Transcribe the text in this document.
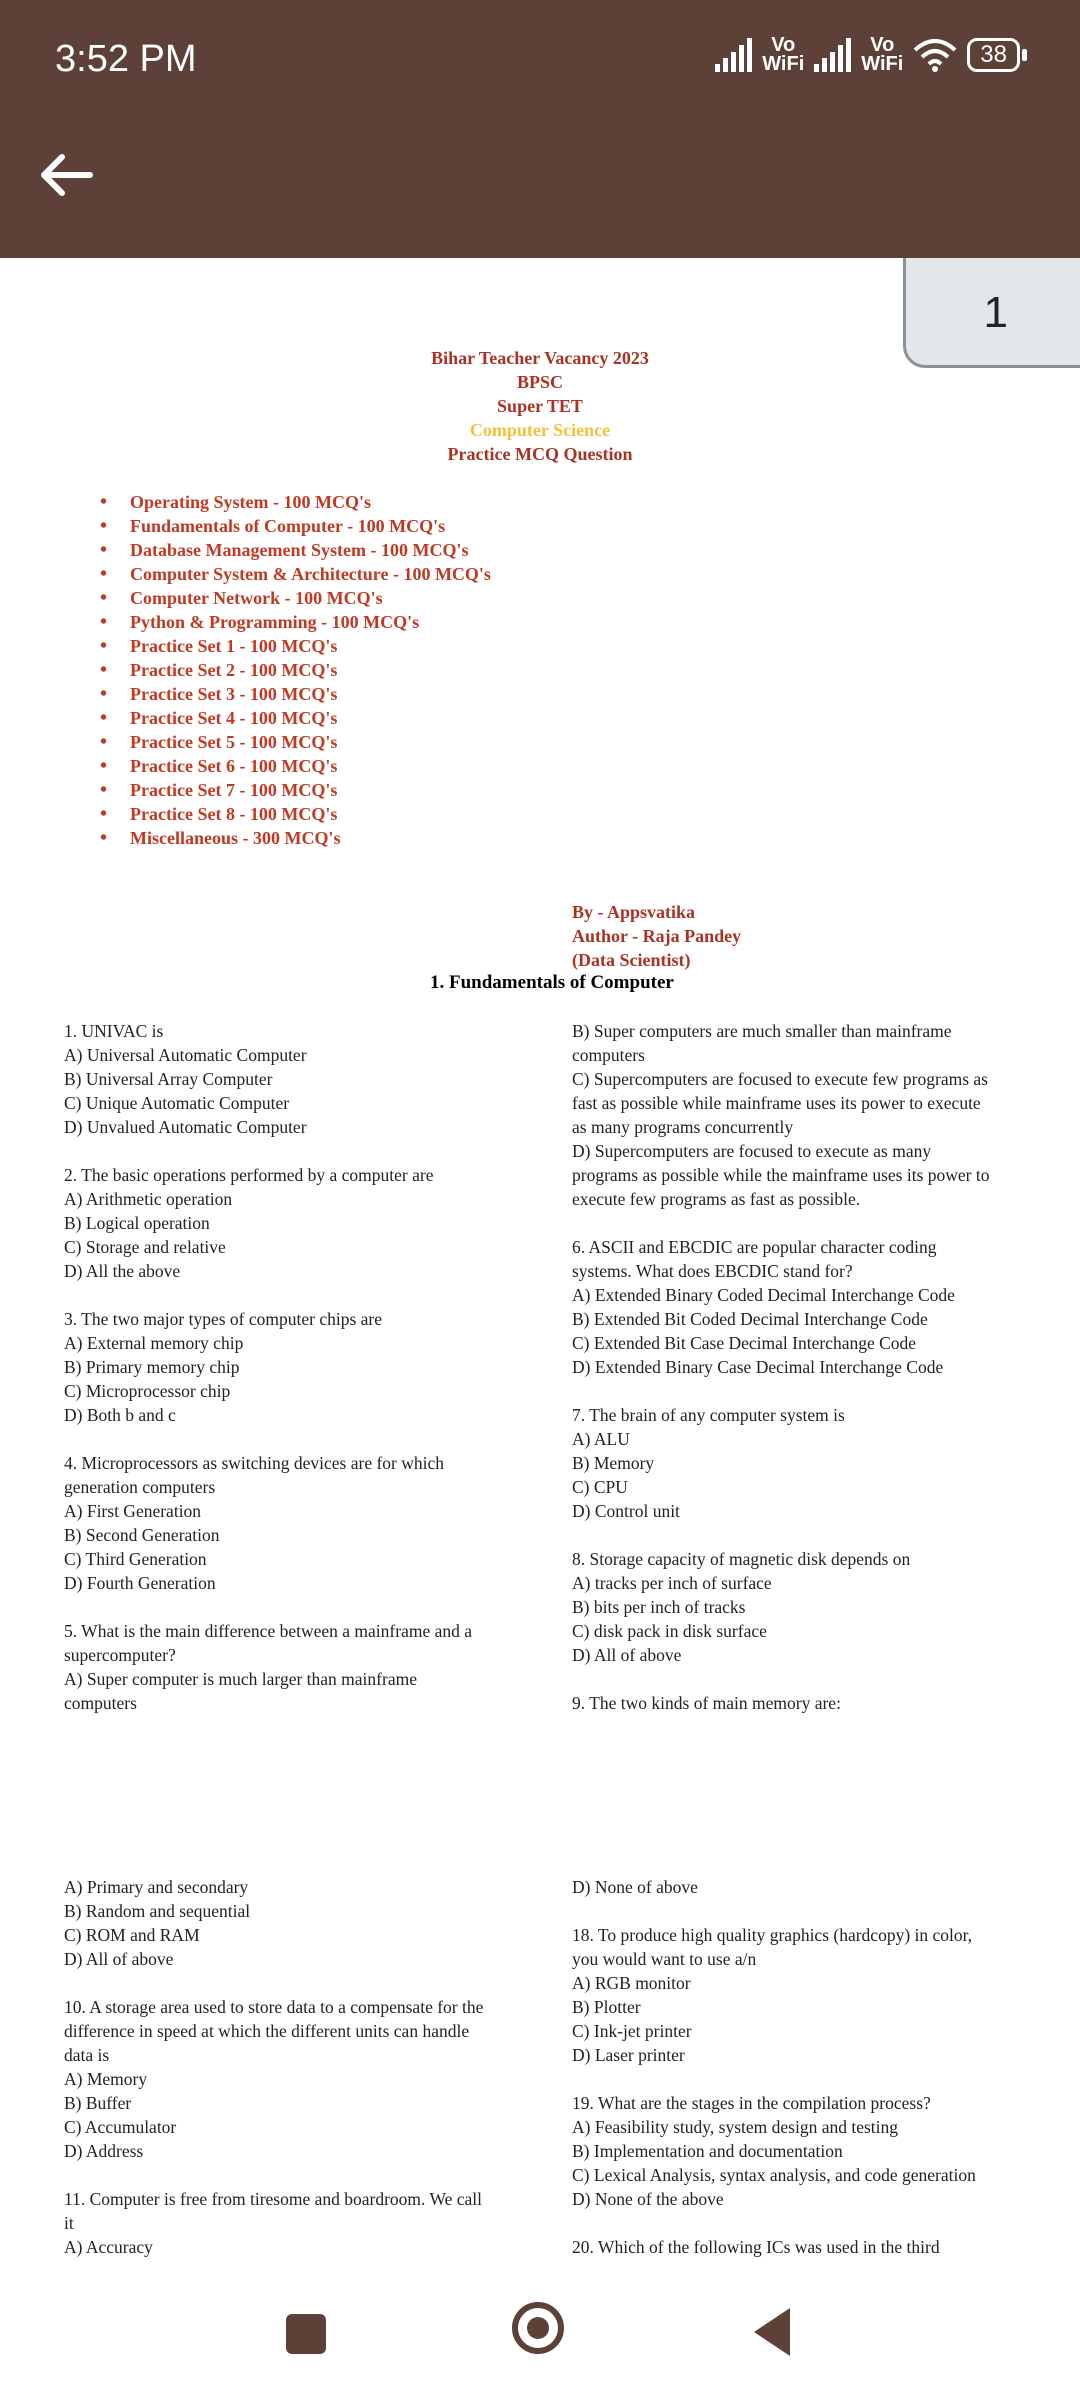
3:52 PM	Vo
WiFi
Vo
WiFi	38
1
Bihar Teacher Vacancy 2023
BPSC
Super TET
Computer Science
Practice MCQ Question
• Operating System - 100 MCQ's
• Fundamentals of Computer - 100 MCQ's
• Database Management System - 100 MCQ's
• Computer System & Architecture - 100 MCQ's
• Computer Network - 100 MCQ's
• Python & Programming - 100 MCQ's
• Practice Set 1 - 100 MCQ's
• Practice Set 2 - 100 MCQ's
• Practice Set 3 - 100 MCQ's
• Practice Set 4 - 100 MCQ's
• Practice Set 5 - 100 MCQ's
• Practice Set 6 - 100 MCQ's
• Practice Set 7 - 100 MCQ's
• Practice Set 8 - 100 MCQ's
• Miscellaneous - 300 MCQ's
By - Appsvatika
Author - Raja Pandey
(Data Scientist)
1. Fundamentals of Computer

1. UNIVAC is
A) Universal Automatic Computer
B) Universal Array Computer
C) Unique Automatic Computer
D) Unvalued Automatic Computer

2. The basic operations performed by a computer are
A) Arithmetic operation
B) Logical operation
C) Storage and relative
D) All the above

3. The two major types of computer chips are
A) External memory chip
B) Primary memory chip
C) Microprocessor chip
D) Both b and c

4. Microprocessors as switching devices are for which
generation computers
A) First Generation
B) Second Generation
C) Third Generation
D) Fourth Generation

5. What is the main difference between a mainframe and a
supercomputer?
A) Super computer is much larger than mainframe
computers

B) Super computers are much smaller than mainframe
computers
C) Supercomputers are focused to execute few programs as
fast as possible while mainframe uses its power to execute
as many programs concurrently
D) Supercomputers are focused to execute as many
programs as possible while the mainframe uses its power to
execute few programs as fast as possible.

6. ASCII and EBCDIC are popular character coding
systems. What does EBCDIC stand for?
A) Extended Binary Coded Decimal Interchange Code
B) Extended Bit Coded Decimal Interchange Code
C) Extended Bit Case Decimal Interchange Code
D) Extended Binary Case Decimal Interchange Code

7. The brain of any computer system is
A) ALU
B) Memory
C) CPU
D) Control unit

8. Storage capacity of magnetic disk depends on
A) tracks per inch of surface
B) bits per inch of tracks
C) disk pack in disk surface
D) All of above

9. The two kinds of main memory are:

A) Primary and secondary
B) Random and sequential
C) ROM and RAM
D) All of above

10. A storage area used to store data to a compensate for the
difference in speed at which the different units can handle
data is
A) Memory
B) Buffer
C) Accumulator
D) Address

11. Computer is free from tiresome and boardroom. We call
it
A) Accuracy

D) None of above

18. To produce high quality graphics (hardcopy) in color,
you would want to use a/n
A) RGB monitor
B) Plotter
C) Ink-jet printer
D) Laser printer

19. What are the stages in the compilation process?
A) Feasibility study, system design and testing
B) Implementation and documentation
C) Lexical Analysis, syntax analysis, and code generation
D) None of the above

20. Which of the following ICs was used in the third
